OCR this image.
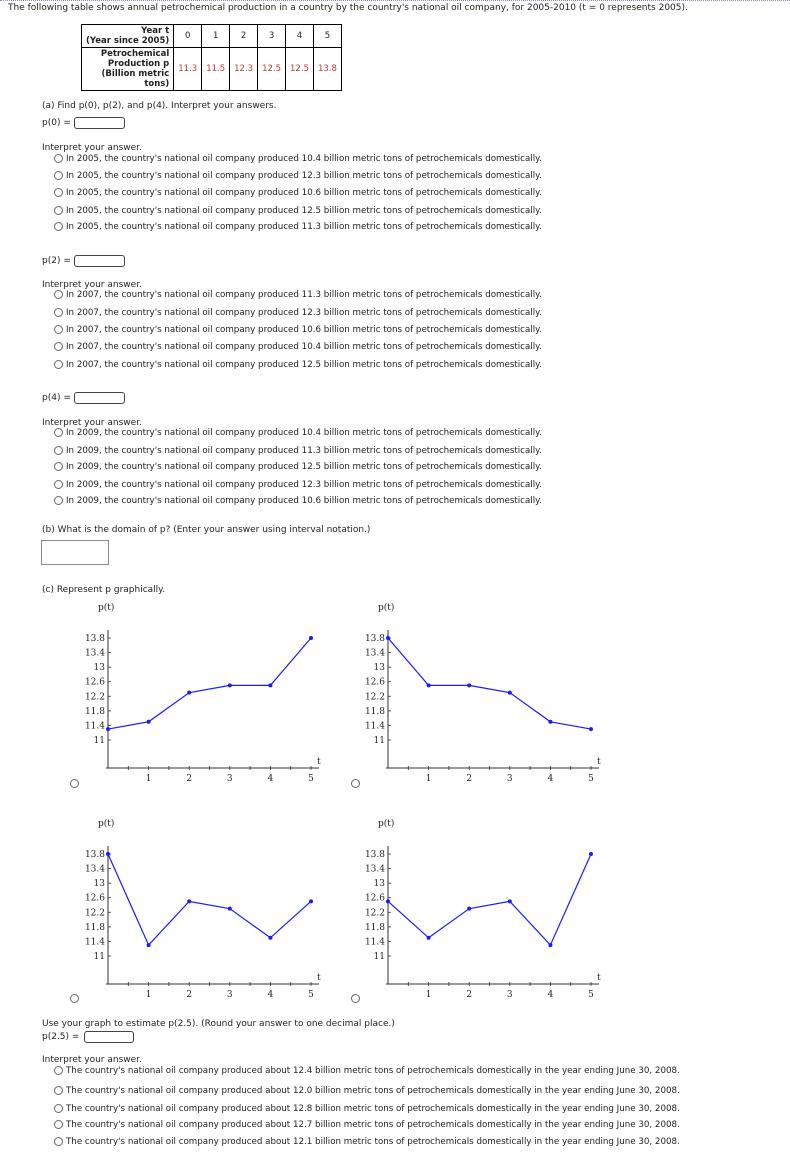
The following table shows annual petrochemical production in a country by the country's national oil company, for 2005-2010 (t = 0 represents 2005).
Year t
(Year since 2005)	0	1	2	3	4	5

Petrochemical
Production p
(Billion metric
tons)	11.3	11.5	12.3	12.5	12.5	13.8
(a) Find p(0), p(2), and p(4). Interpret your answers.
p(0) =
Interpret your answer.
In 2005, the country's national oil company produced 10.4 billion metric tons of petrochemicals domestically.
In 2005, the country's national oil company produced 12.3 billion metric tons of petrochemicals domestically.
In 2005, the country's national oil company produced 10.6 billion metric tons of petrochemicals domestically.
In 2005, the country's national oil company produced 12.5 billion metric tons of petrochemicals domestically.
In 2005, the country's national oil company produced 11.3 billion metric tons of petrochemicals domestically.
p(2) =
Interpret your answer.
In 2007, the country's national oil company produced 11.3 billion metric tons of petrochemicals domestically.
In 2007, the country's national oil company produced 12.3 billion metric tons of petrochemicals domestically.
In 2007, the country's national oil company produced 10.6 billion metric tons of petrochemicals domestically.
In 2007, the country's national oil company produced 10.4 billion metric tons of petrochemicals domestically.
In 2007, the country's national oil company produced 12.5 billion metric tons of petrochemicals domestically.
p(4) =
Interpret your answer.
In 2009, the country's national oil company produced 10.4 billion metric tons of petrochemicals domestically.
In 2009, the country's national oil company produced 11.3 billion metric tons of petrochemicals domestically.
In 2009, the country's national oil company produced 12.5 billion metric tons of petrochemicals domestically.
In 2009, the country's national oil company produced 12.3 billion metric tons of petrochemicals domestically.
In 2009, the country's national oil company produced 10.6 billion metric tons of petrochemicals domestically.
(b) What is the domain of p? (Enter your answer using interval notation.)
(c) Represent p graphically.
p(t)
t
11
11.4
11.8
12.2
12.6
13
13.4
13.8
1	2	3	4	5
p(t)
t
11
11.4
11.8
12.2
12.6
13
13.4
13.8
1	2	3	4	5
p(t)
t
11
11.4
11.8
12.2
12.6
13
13.4
13.8
1	2	3	4	5
p(t)
t
11
11.4
11.8
12.2
12.6
13
13.4
13.8
1	2	3	4	5
Use your graph to estimate p(2.5). (Round your answer to one decimal place.)
p(2.5) =
Interpret your answer.
The country's national oil company produced about 12.4 billion metric tons of petrochemicals domestically in the year ending June 30, 2008.
The country's national oil company produced about 12.0 billion metric tons of petrochemicals domestically in the year ending June 30, 2008.
The country's national oil company produced about 12.8 billion metric tons of petrochemicals domestically in the year ending June 30, 2008.
The country's national oil company produced about 12.7 billion metric tons of petrochemicals domestically in the year ending June 30, 2008.
The country's national oil company produced about 12.1 billion metric tons of petrochemicals domestically in the year ending June 30, 2008.
